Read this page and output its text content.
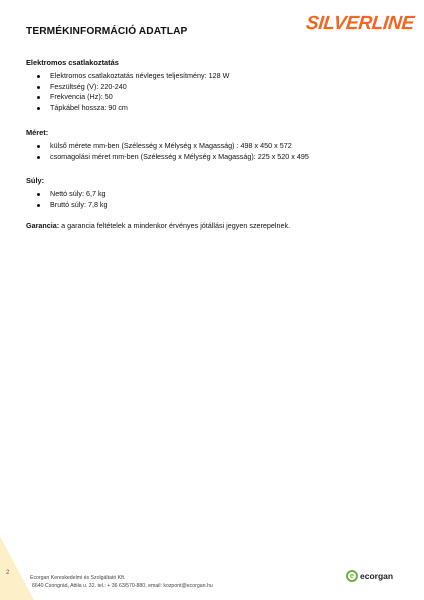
TERMÉKINFORMÁCIÓ ADATLAP	SILVERLINE
Elektromos csatlakoztatás
Elektromos csatlakoztatás névleges teljesítmény: 128 W
Feszültség (V): 220-240
Frekvencia (Hz): 50
Tápkábel hossza: 90 cm
Méret:
külső mérete mm-ben (Szélesség x Mélység x Magasság) : 498 x 450 x 572
csomagolási méret mm-ben (Szélesség x Mélység x Magasság): 225 x 520 x 495
Súly:
Nettó súly: 6,7 kg
Bruttó súly: 7,8 kg
Garancia: a garancia feltételek a mindenkor érvényes jótállási jegyen szerepelnek.
2
Ecorgan Kereskedelmi és Szolgáltató Kft.
6640 Csongrád, Attila u. 32. tel.: + 36 63/570-880, email: kozpont@ecorgan.hu
e ecorgan
